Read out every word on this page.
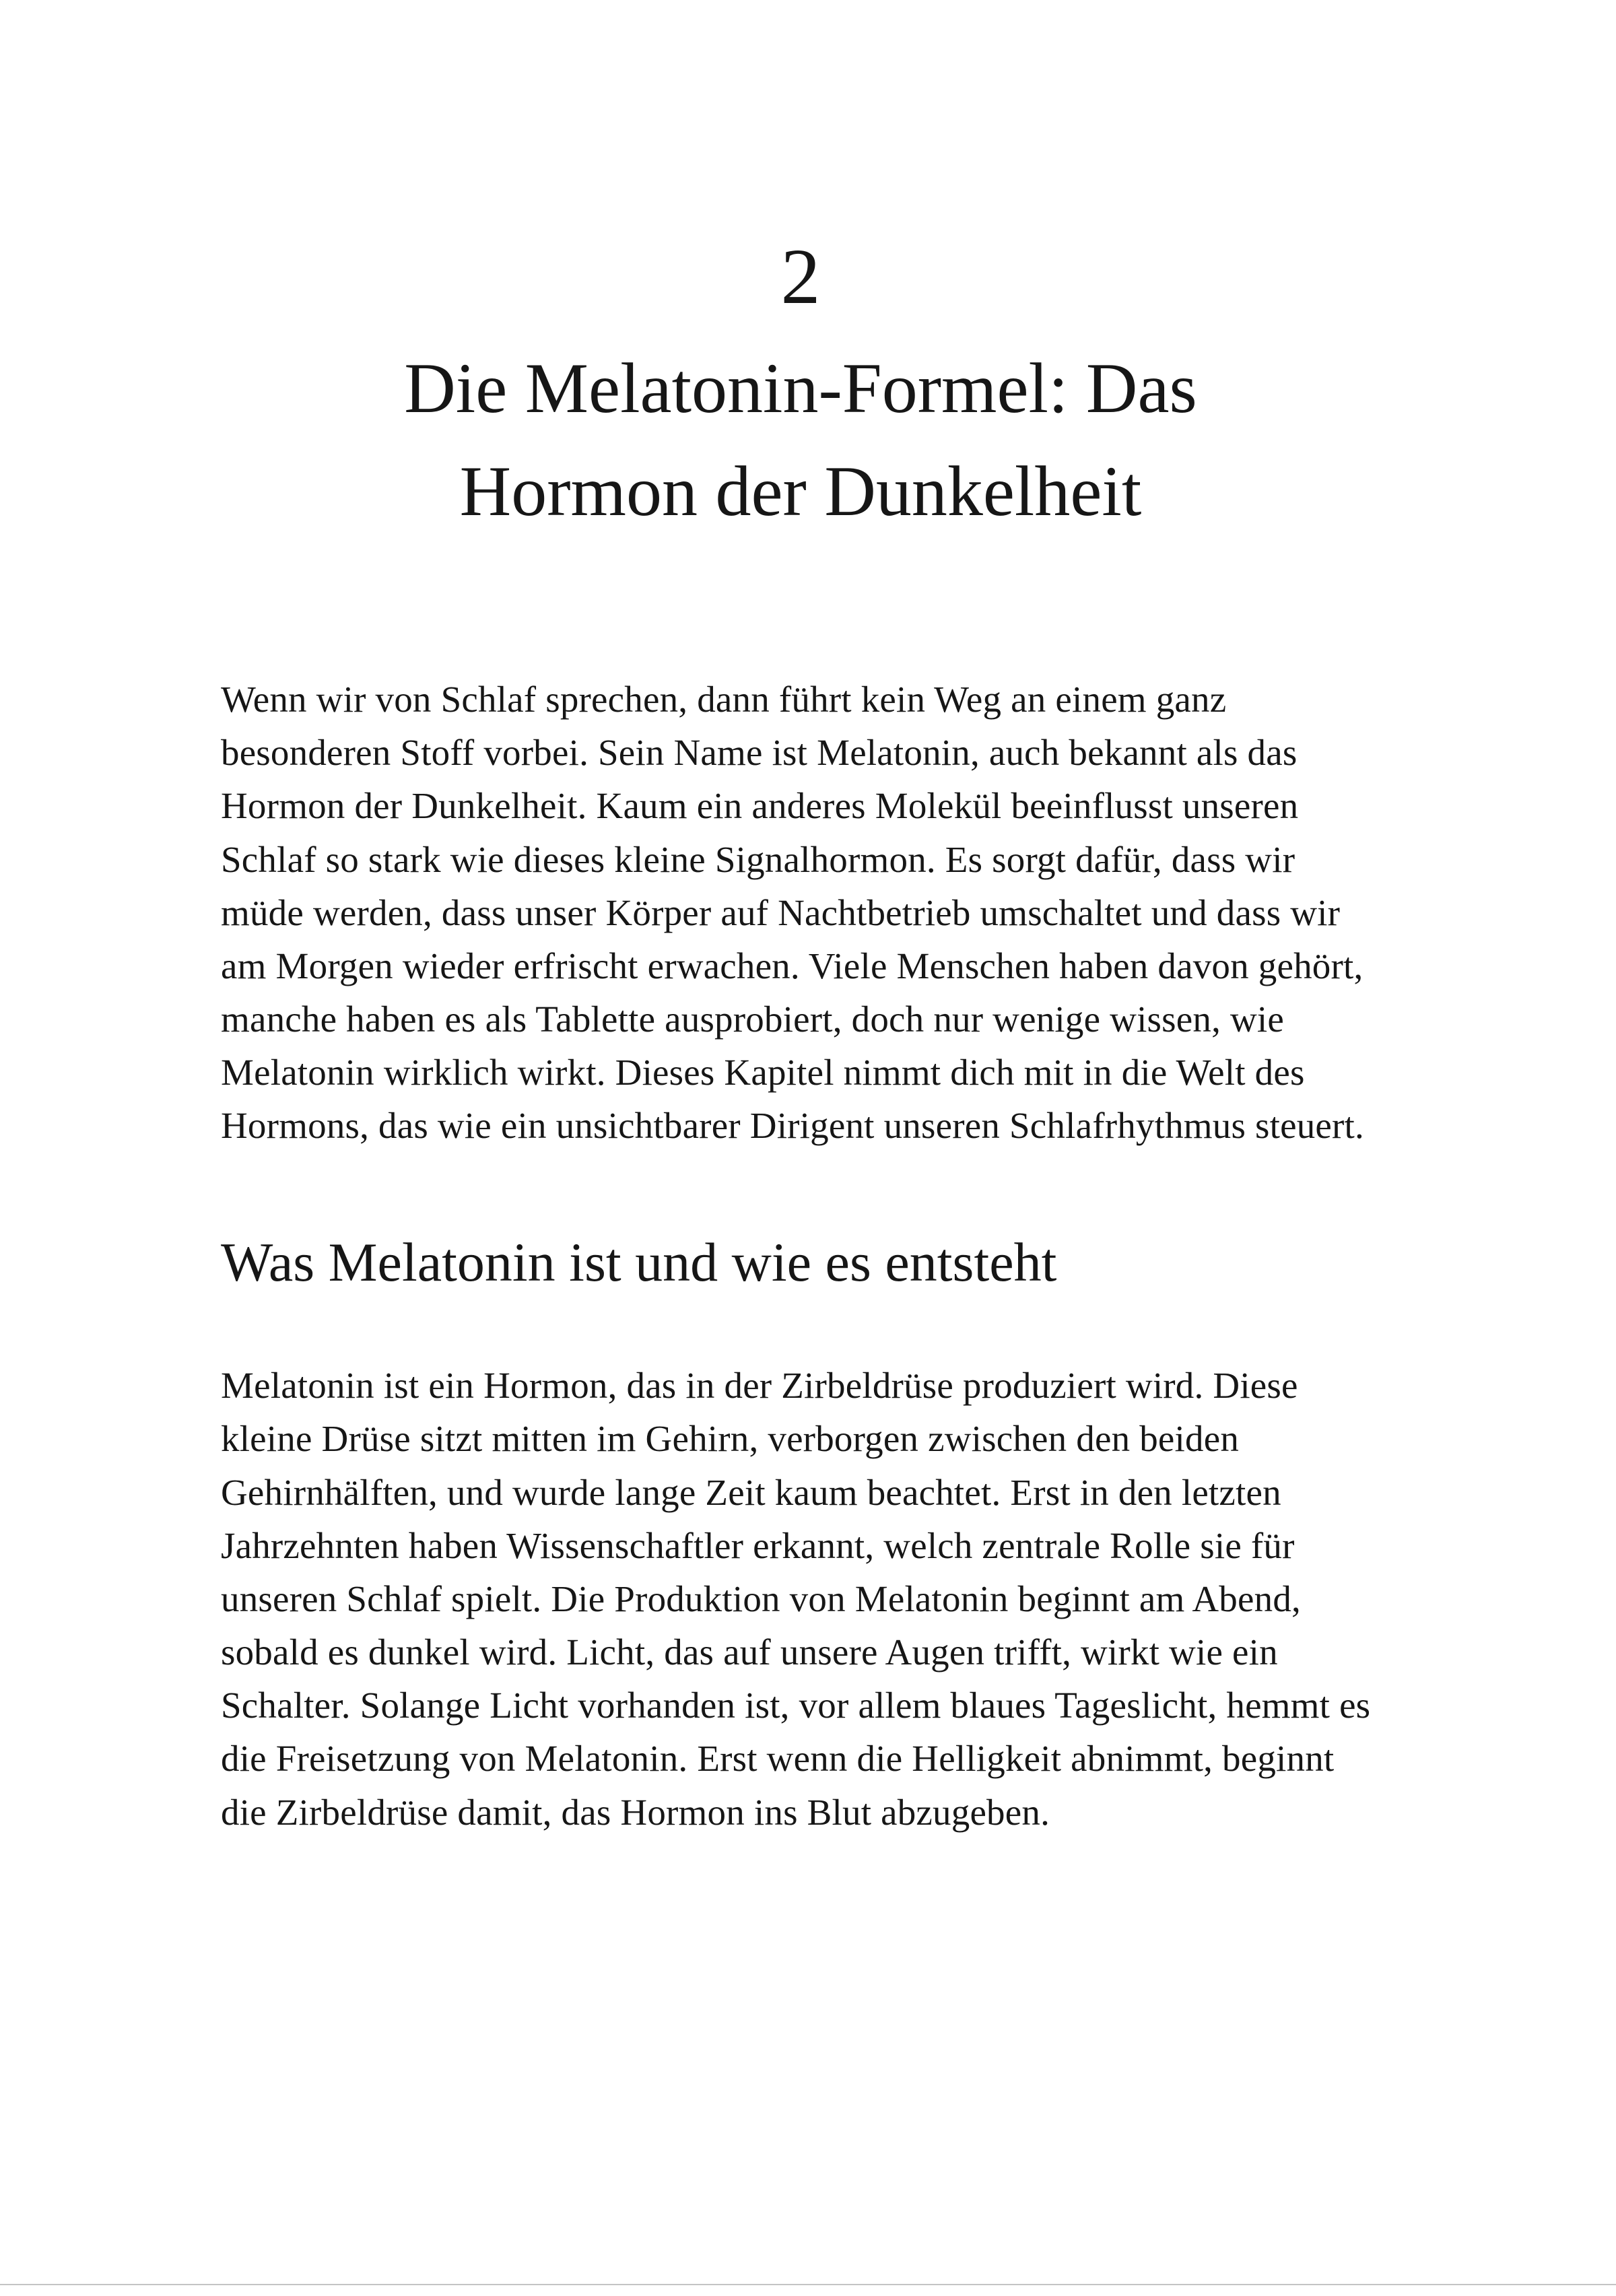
2
Die Melatonin-Formel: Das
Hormon der Dunkelheit

Wenn wir von Schlaf sprechen, dann führt kein Weg an einem ganz besonderen Stoff vorbei. Sein Name ist Melatonin, auch bekannt als das Hormon der Dunkelheit. Kaum ein anderes Molekül beeinflusst unseren Schlaf so stark wie dieses kleine Signalhormon. Es sorgt dafür, dass wir müde werden, dass unser Körper auf Nachtbetrieb umschaltet und dass wir am Morgen wieder erfrischt erwachen. Viele Menschen haben davon gehört, manche haben es als Tablette ausprobiert, doch nur wenige wissen, wie Melatonin wirklich wirkt. Dieses Kapitel nimmt dich mit in die Welt des Hormons, das wie ein unsichtbarer Dirigent unseren Schlafrhythmus steuert.

Was Melatonin ist und wie es entsteht

Melatonin ist ein Hormon, das in der Zirbeldrüse produziert wird. Diese kleine Drüse sitzt mitten im Gehirn, verborgen zwischen den beiden Gehirnhälften, und wurde lange Zeit kaum beachtet. Erst in den letzten Jahrzehnten haben Wissenschaftler erkannt, welch zentrale Rolle sie für unseren Schlaf spielt. Die Produktion von Melatonin beginnt am Abend, sobald es dunkel wird. Licht, das auf unsere Augen trifft, wirkt wie ein Schalter. Solange Licht vorhanden ist, vor allem blaues Tageslicht, hemmt es die Freisetzung von Melatonin. Erst wenn die Helligkeit abnimmt, beginnt die Zirbeldrüse damit, das Hormon ins Blut abzugeben.
